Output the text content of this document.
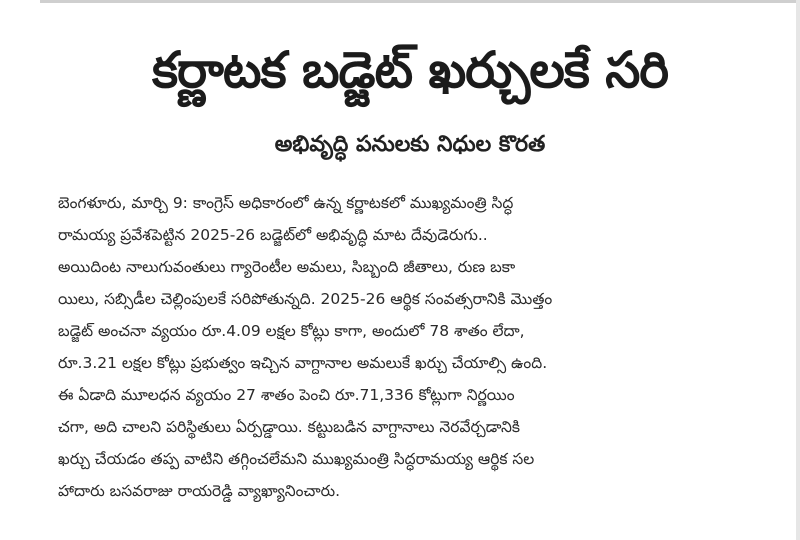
కర్ణాటక బడ్జెట్ ఖర్చులకే సరి
అభివృద్ధి పనులకు నిధుల కొరత
బెంగళూరు, మార్చి 9: కాంగ్రెస్ అధికారంలో ఉన్న కర్ణాటకలో ముఖ్యమంత్రి సిద్ధ
రామయ్య ప్రవేశపెట్టిన 2025-26 బడ్జెట్‌లో అభివృద్ధి మాట దేవుడెరుగు..
అయిదింట నాలుగువంతులు గ్యారెంటీల అమలు, సిబ్బంది జీతాలు, రుణ బకా
యిలు, సబ్సిడీల చెల్లింపులకే సరిపోతున్నది. 2025-26 ఆర్థిక సంవత్సరానికి మొత్తం
బడ్జెట్ అంచనా వ్యయం రూ.4.09 లక్షల కోట్లు కాగా, అందులో 78 శాతం లేదా,
రూ.3.21 లక్షల కోట్లు ప్రభుత్వం ఇచ్చిన వాగ్దానాల అమలుకే ఖర్చు చేయాల్సి ఉంది.
ఈ ఏడాది మూలధన వ్యయం 27 శాతం పెంచి రూ.71,336 కోట్లుగా నిర్ణయిం
చగా, అది చాలని పరిస్థితులు ఏర్పడ్డాయి. కట్టుబడిన వాగ్దానాలు నెరవేర్చడానికి
ఖర్చు చేయడం తప్ప వాటిని తగ్గించలేమని ముఖ్యమంత్రి సిద్ధరామయ్య ఆర్థిక సల
హాదారు బసవరాజు రాయరెడ్డి వ్యాఖ్యానించారు.
